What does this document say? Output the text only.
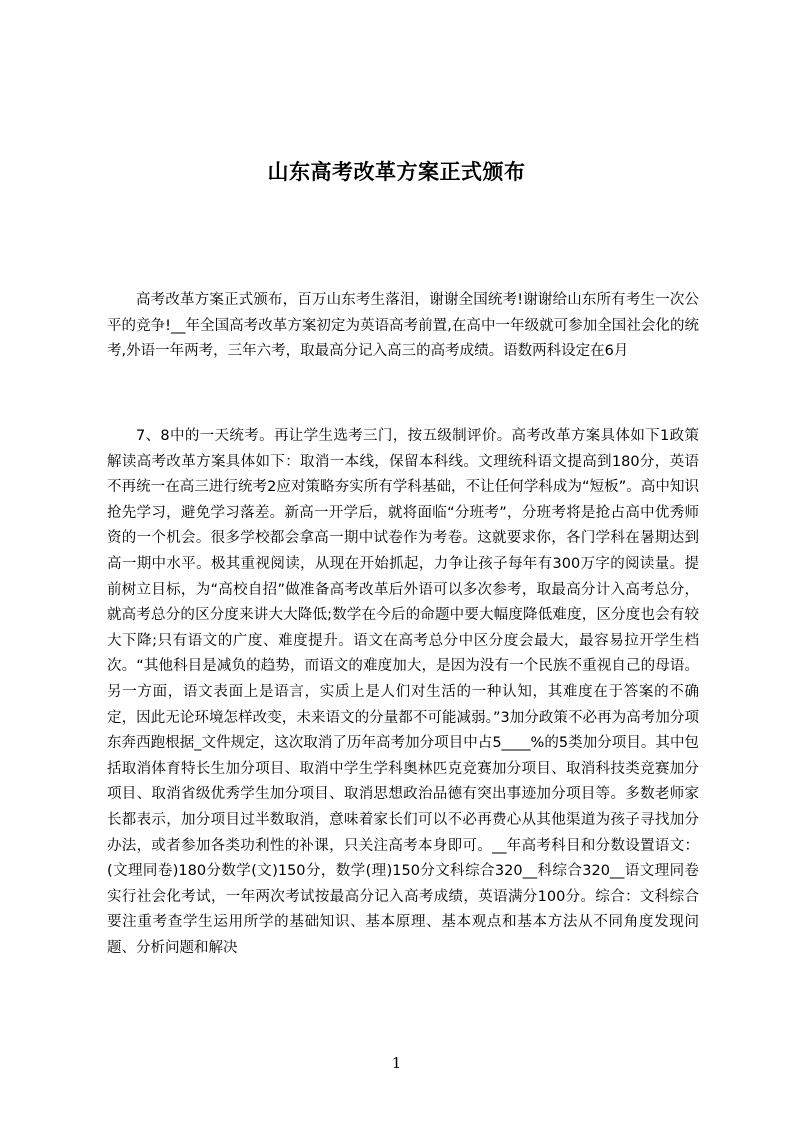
山东高考改革方案正式颁布

高考改革方案正式颁布，百万山东考生落泪，谢谢全国统考!谢谢给山东所有考生一次公平的竞争!__年全国高考改革方案初定为英语高考前置,在高中一年级就可参加全国社会化的统考,外语一年两考，三年六考，取最高分记入高三的高考成绩。语数两科设定在6月

7、8中的一天统考。再让学生选考三门，按五级制评价。高考改革方案具体如下1政策解读高考改革方案具体如下：取消一本线，保留本科线。文理统科语文提高到180分，英语不再统一在高三进行统考2应对策略夯实所有学科基础，不让任何学科成为“短板”。高中知识抢先学习，避免学习落差。新高一开学后，就将面临“分班考”，分班考将是抢占高中优秀师资的一个机会。很多学校都会拿高一期中试卷作为考卷。这就要求你，各门学科在暑期达到高一期中水平。极其重视阅读，从现在开始抓起，力争让孩子每年有300万字的阅读量。提前树立目标，为“高校自招”做准备高考改革后外语可以多次参考，取最高分计入高考总分，就高考总分的区分度来讲大大降低;数学在今后的命题中要大幅度降低难度，区分度也会有较大下降;只有语文的广度、难度提升。语文在高考总分中区分度会最大，最容易拉开学生档次。“其他科目是减负的趋势，而语文的难度加大，是因为没有一个民族不重视自己的母语。另一方面，语文表面上是语言，实质上是人们对生活的一种认知，其难度在于答案的不确定，因此无论环境怎样改变，未来语文的分量都不可能减弱。”3加分政策不必再为高考加分项东奔西跑根据_文件规定，这次取消了历年高考加分项目中占5____%的5类加分项目。其中包括取消体育特长生加分项目、取消中学生学科奥林匹克竞赛加分项目、取消科技类竞赛加分项目、取消省级优秀学生加分项目、取消思想政治品德有突出事迹加分项目等。多数老师家长都表示，加分项目过半数取消，意味着家长们可以不必再费心从其他渠道为孩子寻找加分办法，或者参加各类功利性的补课，只关注高考本身即可。__年高考科目和分数设置语文：(文理同卷)180分数学(文)150分，数学(理)150分文科综合320__科综合320__语文理同卷实行社会化考试，一年两次考试按最高分记入高考成绩，英语满分100分。综合：文科综合要注重考查学生运用所学的基础知识、基本原理、基本观点和基本方法从不同角度发现问题、分析问题和解决

1
